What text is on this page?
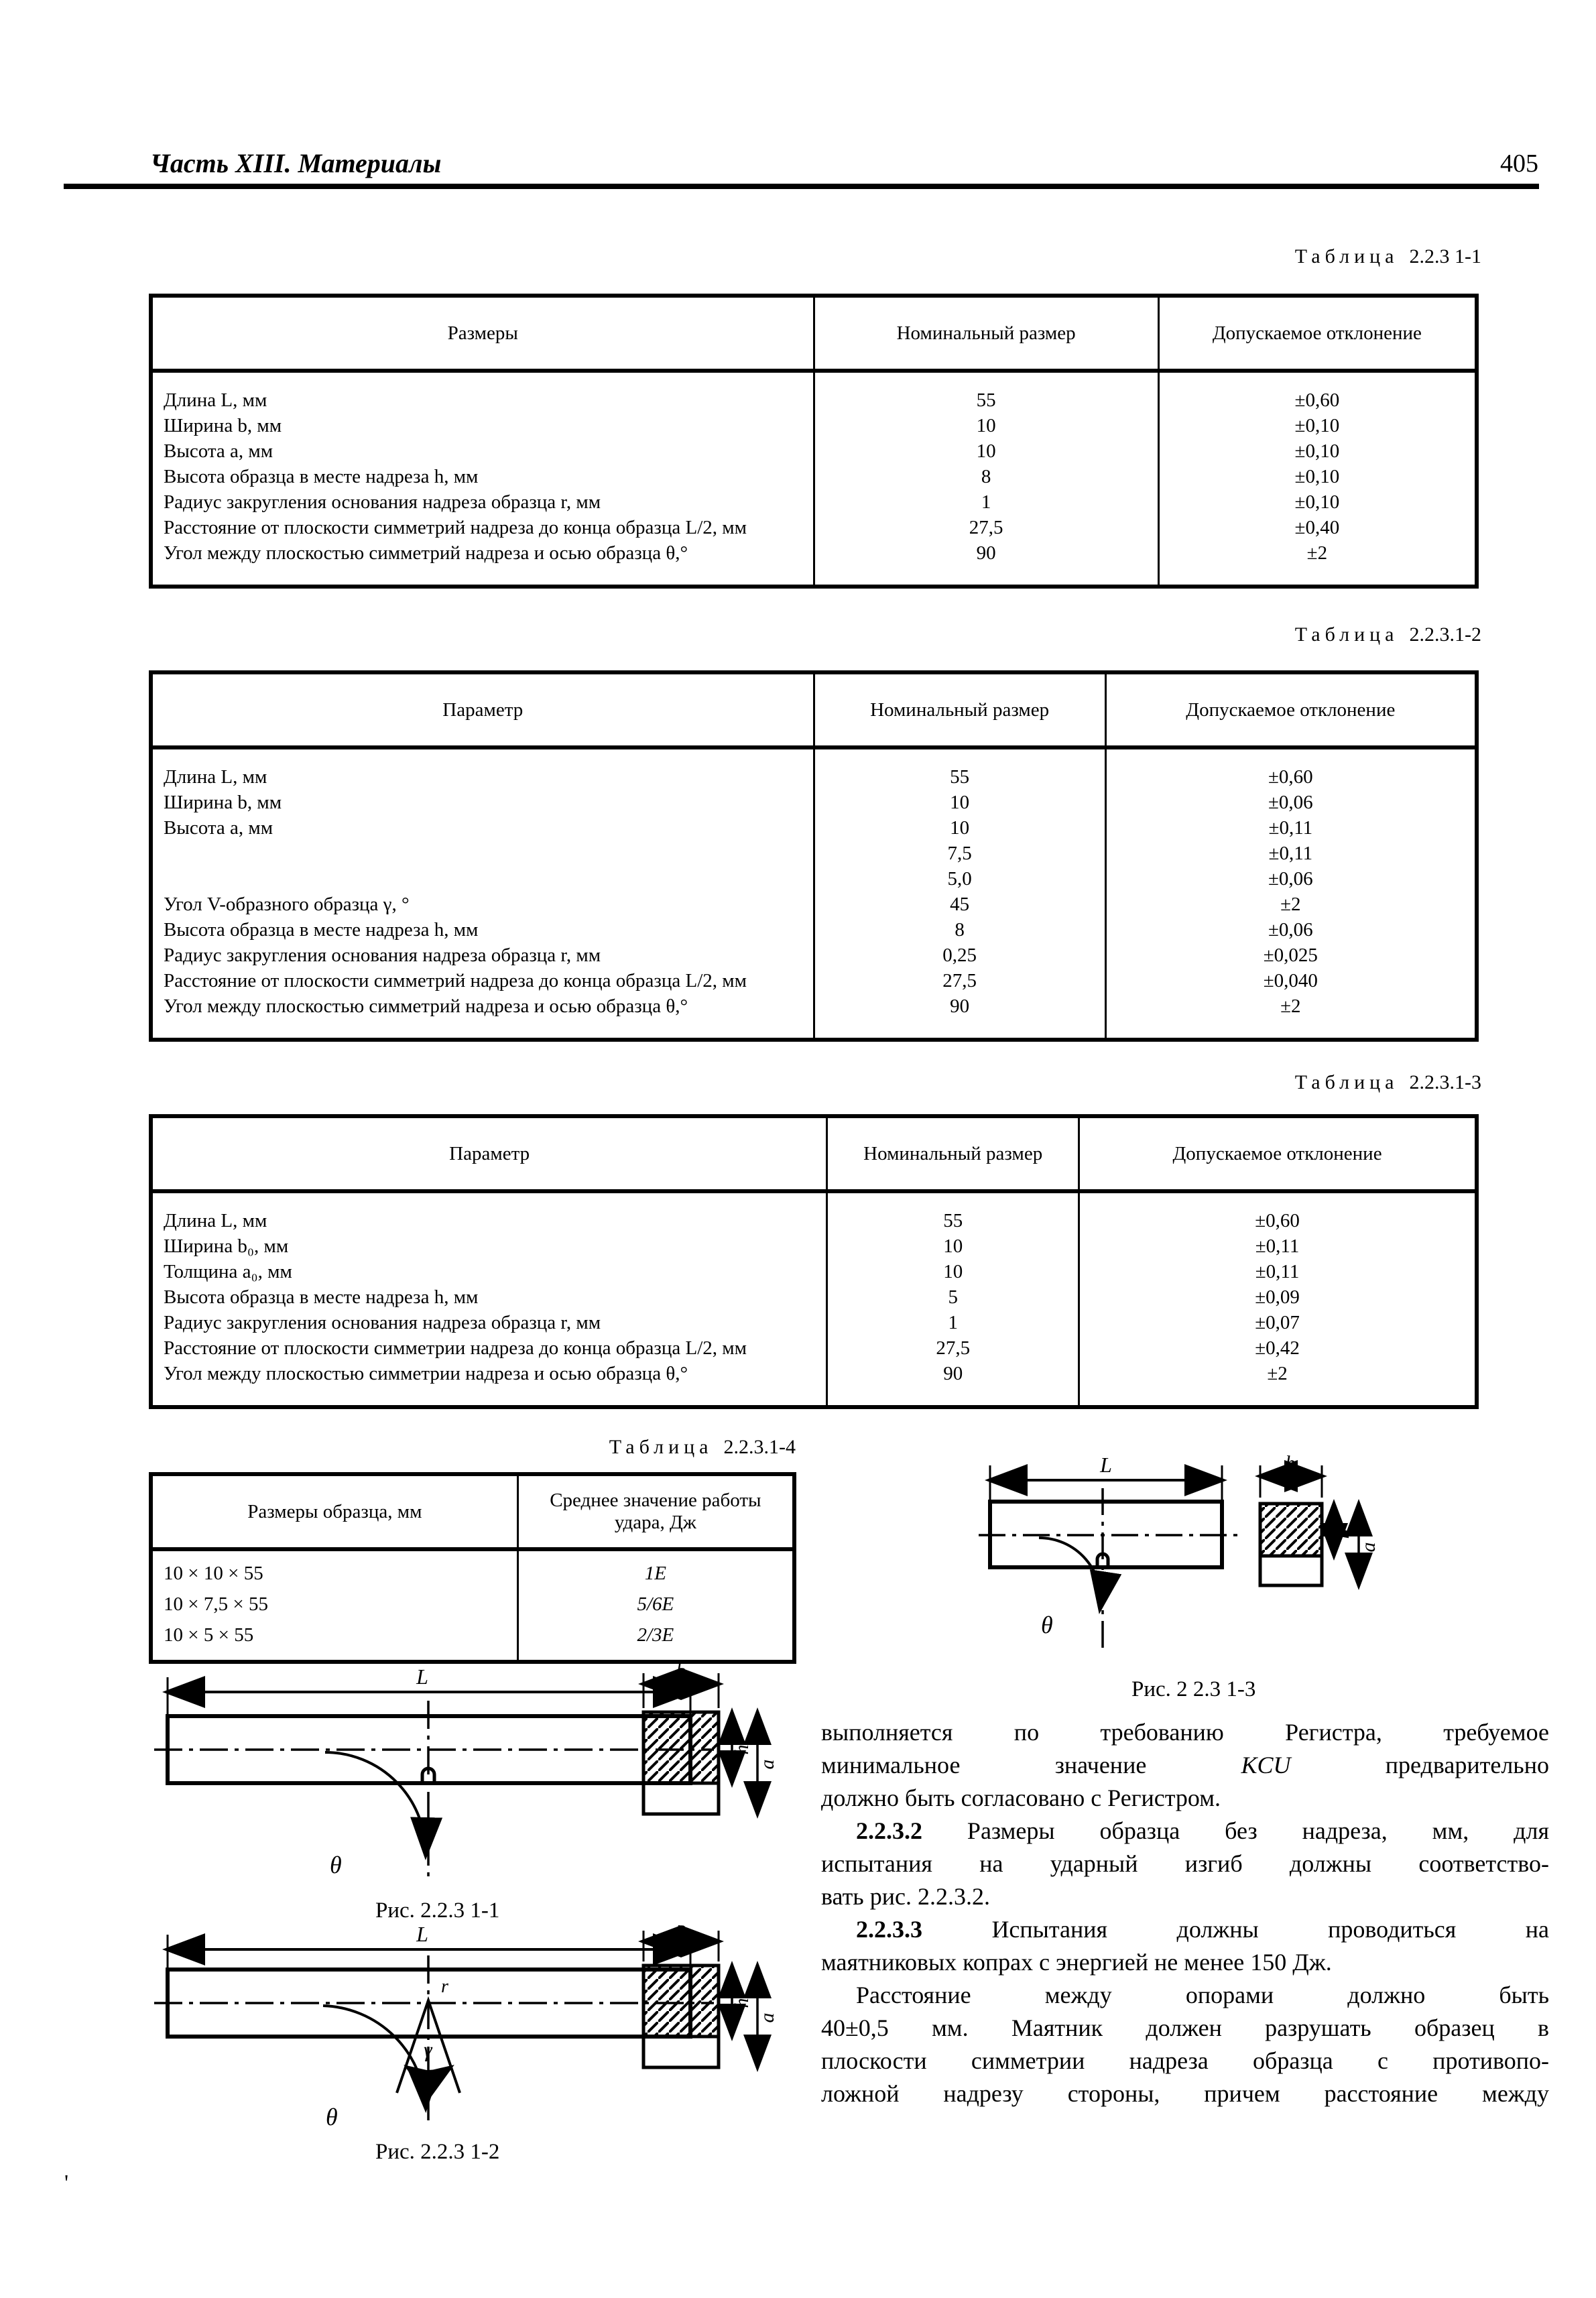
Часть XIII. Материалы	405
Таблица 2.2.3 1-1
Размеры	Номинальный размер	Допускаемое отклонение
Длина L, мм	55	±0,60
Ширина b, мм	10	±0,10
Высота a, мм	10	±0,10
Высота образца в месте надреза h, мм	8	±0,10
Радиус закругления основания надреза образца r, мм	1	±0,10
Расстояние от плоскости симметрий надреза до конца образца L/2, мм	27,5	±0,40
Угол между плоскостью симметрий надреза и осью образца θ,°	90	±2
Таблица 2.2.3.1-2
Параметр	Номинальный размер	Допускаемое отклонение
Длина L, мм	55	±0,60
Ширина b, мм	10	±0,06
Высота a, мм	10	±0,11
	7,5	±0,11
	5,0	±0,06
Угол V-образного образца γ, °	45	±2
Высота образца в месте надреза h, мм	8	±0,06
Радиус закругления основания надреза образца r, мм	0,25	±0,025
Расстояние от плоскости симметрий надреза до конца образца L/2, мм	27,5	±0,040
Угол между плоскостью симметрий надреза и осью образца θ,°	90	±2
Таблица 2.2.3.1-3
Параметр	Номинальный размер	Допускаемое отклонение
Длина L, мм	55	±0,60
Ширина b₀, мм	10	±0,11
Толщина a₀, мм	10	±0,11
Высота образца в месте надреза h, мм	5	±0,09
Радиус закругления основания надреза образца r, мм	1	±0,07
Расстояние от плоскости симметрии надреза до конца образца L/2, мм	27,5	±0,42
Угол между плоскостью симметрии надреза и осью образца θ,°	90	±2
Таблица 2.2.3.1-4
Размеры образца, мм	Среднее значение работы удара, Дж
10 × 10 × 55	1E
10 × 7,5 × 55	5/6E
10 × 5 × 55	2/3E
L
θ
b
h
a
Рис. 2 2.3 1-3
L
θ
b
h
a
Рис. 2.2.3 1-1
L
r
γ
θ
b
h
a
Рис. 2.2.3 1-2
выполняется по требованию Регистра, требуемое
минимальное значение	KCU	предварительно
должно быть согласовано с Регистром.
2.2.3.2 Размеры образца без надреза, мм, для
испытания на ударный изгиб должны соответство-
вать рис. 2.2.3.2.
2.2.3.3	Испытания должны проводиться на
маятниковых копрах с энергией не менее 150 Дж.
Расстояние между опорами должно быть
40±0,5 мм. Маятник должен разрушать образец в
плоскости симметрии надреза образца с противопо-
ложной надрезу стороны, причем расстояние между
'
